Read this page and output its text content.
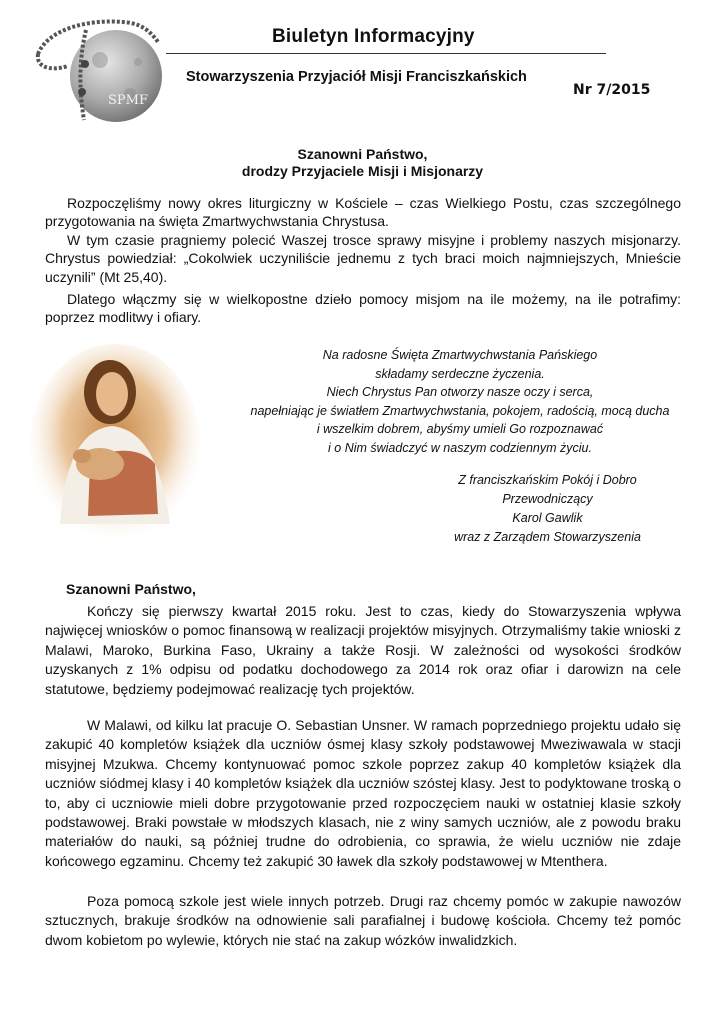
SPMF
Biuletyn Informacyjny
Stowarzyszenia Przyjaciół Misji Franciszkańskich
Nr 7/2015
Szanowni Państwo,
drodzy Przyjaciele Misji i Misjonarzy

Rozpoczęliśmy nowy okres liturgiczny w Kościele – czas Wielkiego Postu, czas szczególnego przygotowania na święta Zmartwychwstania Chrystusa.

W tym czasie pragniemy polecić Waszej trosce sprawy misyjne i problemy naszych misjonarzy. Chrystus powiedział: „Cokolwiek uczyniliście jednemu z tych braci moich najmniejszych, Mnieście uczynili” (Mt 25,40).

Dlatego włączmy się w wielkopostne dzieło pomocy misjom na ile możemy, na ile potrafimy: poprzez modlitwy i ofiary.

Na radosne Święta Zmartwychwstania Pańskiego
składamy serdeczne życzenia.
Niech Chrystus Pan otworzy nasze oczy i serca,
napełniając je światłem Zmartwychwstania, pokojem, radością, mocą ducha
i wszelkim dobrem, abyśmy umieli Go rozpoznawać
i o Nim świadczyć w naszym codziennym życiu.
Z franciszkańskim Pokój i Dobro
Przewodniczący
Karol Gawlik
wraz z Zarządem Stowarzyszenia
Szanowni Państwo,

Kończy się pierwszy kwartał 2015 roku. Jest to czas, kiedy do Stowarzyszenia wpływa najwięcej wniosków o pomoc finansową w realizacji projektów misyjnych. Otrzymaliśmy takie wnioski z Malawi, Maroko, Burkina Faso, Ukrainy a także Rosji. W zależności od wysokości środków uzyskanych z 1% odpisu od podatku dochodowego za 2014 rok oraz ofiar i darowizn na cele statutowe, będziemy podejmować realizację tych projektów.

W Malawi, od kilku lat pracuje O. Sebastian Unsner. W ramach poprzedniego projektu udało się zakupić 40 kompletów książek dla uczniów ósmej klasy szkoły podstawowej Mweziwawala w stacji misyjnej Mzukwa. Chcemy kontynuować pomoc szkole poprzez zakup 40 kompletów książek dla uczniów siódmej klasy i 40 kompletów książek dla uczniów szóstej klasy. Jest to podyktowane troską o to, aby ci uczniowie mieli dobre przygotowanie przed rozpoczęciem nauki w ostatniej klasie szkoły podstawowej. Braki powstałe w młodszych klasach, nie z winy samych uczniów, ale z powodu braku materiałów do nauki, są później trudne do odrobienia, co sprawia, że wielu uczniów nie zdaje końcowego egzaminu. Chcemy też zakupić 30 ławek dla szkoły podstawowej w Mtenthera.

Poza pomocą szkole jest wiele innych potrzeb. Drugi raz chcemy pomóc w zakupie nawozów sztucznych, brakuje środków na odnowienie sali parafialnej i budowę kościoła. Chcemy też pomóc dwom kobietom po wylewie, których nie stać na zakup wózków inwalidzkich.
